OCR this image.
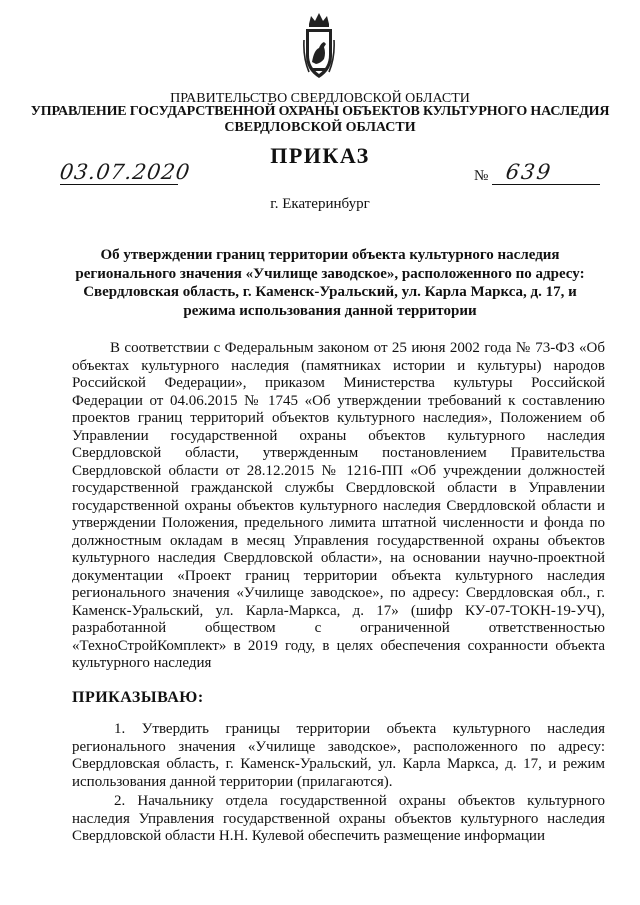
ПРАВИТЕЛЬСТВО СВЕРДЛОВСКОЙ ОБЛАСТИ
УПРАВЛЕНИЕ ГОСУДАРСТВЕННОЙ ОХРАНЫ ОБЪЕКТОВ КУЛЬТУРНОГО НАСЛЕДИЯ
СВЕРДЛОВСКОЙ ОБЛАСТИ
ПРИКАЗ
03.07.2020	№ 639
г. Екатеринбург
Об утверждении границ территории объекта культурного наследия регионального значения «Училище заводское», расположенного по адресу: Свердловская область, г. Каменск-Уральский, ул. Карла Маркса, д. 17, и режима использования данной территории

В соответствии с Федеральным законом от 25 июня 2002 года № 73-ФЗ «Об объектах культурного наследия (памятниках истории и культуры) народов Российской Федерации», приказом Министерства культуры Российской Федерации от 04.06.2015 № 1745 «Об утверждении требований к составлению проектов границ территорий объектов культурного наследия», Положением об Управлении государственной охраны объектов культурного наследия Свердловской области, утвержденным постановлением Правительства Свердловской области от 28.12.2015 № 1216-ПП «Об учреждении должностей государственной гражданской службы Свердловской области в Управлении государственной охраны объектов культурного наследия Свердловской области и утверждении Положения, предельного лимита штатной численности и фонда по должностным окладам в месяц Управления государственной охраны объектов культурного наследия Свердловской области», на основании научно-проектной документации «Проект границ территории объекта культурного наследия регионального значения «Училище заводское», по адресу: Свердловская обл., г. Каменск-Уральский, ул. Карла-Маркса, д. 17» (шифр КУ-07-ТОКН-19-УЧ), разработанной обществом с ограниченной ответственностью «ТехноСтройКомплект» в 2019 году, в целях обеспечения сохранности объекта культурного наследия

ПРИКАЗЫВАЮ:

1. Утвердить границы территории объекта культурного наследия регионального значения «Училище заводское», расположенного по адресу: Свердловская область, г. Каменск-Уральский, ул. Карла Маркса, д. 17, и режим использования данной территории (прилагаются).

2. Начальнику отдела государственной охраны объектов культурного наследия Управления государственной охраны объектов культурного наследия Свердловской области Н.Н. Кулевой обеспечить размещение информации
